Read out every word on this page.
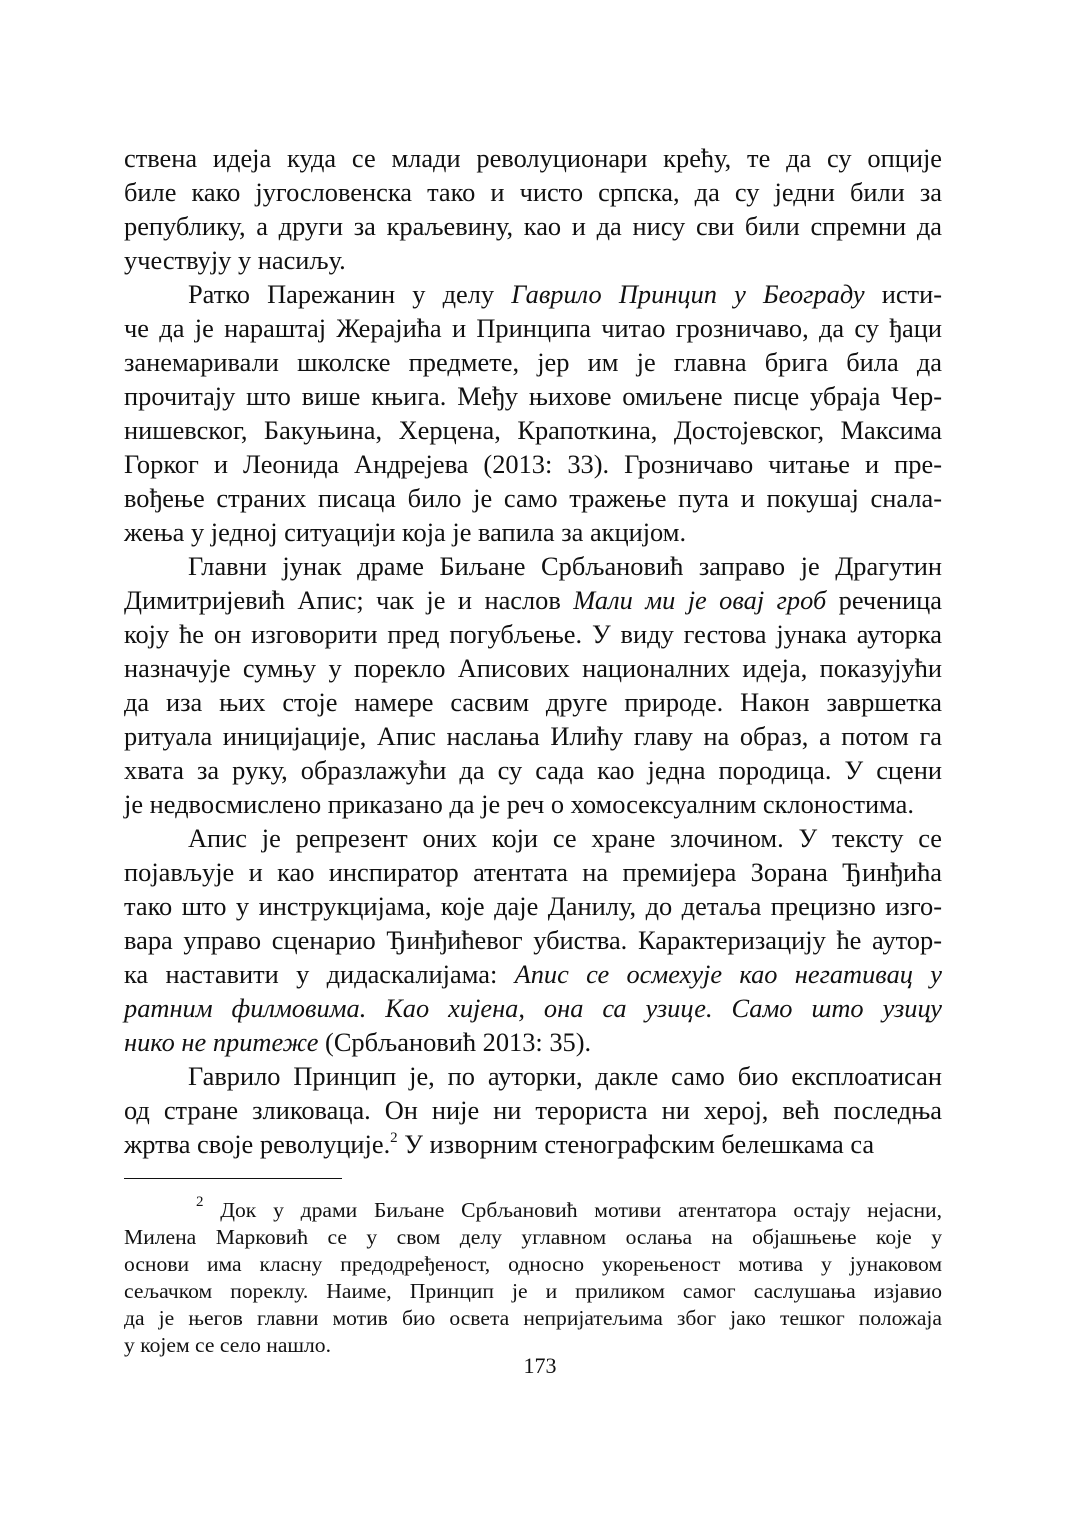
ствена идеја куда се млади револуционари крећу, те да су опције
биле како југословенска тако и чисто српска, да су једни били за
републику, а други за краљевину, као и да нису сви били спремни да
учествују у насиљу.
Ратко Парежанин у делу Гаврило Принцип у Београду исти-
че да је нараштај Жерајића и Принципа читао грозничаво, да су ђаци
занемаривали школске предмете, јер им је главна брига била да
прочитају што више књига. Међу њихове омиљене писце убраја Чер-
нишевског, Бакуњина, Херцена, Крапоткина, Достојевског, Максима
Горког и Леонида Андрејева (2013: 33). Грозничаво читање и пре-
вођење страних писаца било је само тражење пута и покушај снала-
жења у једној ситуацији која је вапила за акцијом.
Главни јунак драме Биљане Србљановић заправо је Драгутин
Димитријевић Апис; чак је и наслов Мали ми је овај гроб реченица
коју ће он изговорити пред погубљење. У виду гестова јунака ауторка
назначује сумњу у порекло Аписових националних идеја, показујући
да иза њих стоје намере сасвим друге природе. Након завршетка
ритуала иницијације, Апис наслања Илићу главу на образ, а потом га
хвата за руку, образлажући да су сада као једна породица. У сцени
је недвосмислено приказано да је реч о хомосексуалним склоностима.
Апис је репрезент оних који се хране злочином. У тексту се
појављује и као инспиратор атентата на премијера Зорана Ђинђића
тако што у инструкцијама, које даје Данилу, до детаља прецизно изго-
вара управо сценарио Ђинђићевог убиства. Карактеризацију ће аутор-
ка наставити у дидаскалијама: Апис се осмехује као негативац у
ратним филмовима. Као хијена, она са узице. Само што узицу
нико не притеже (Србљановић 2013: 35).
Гаврило Принцип је, по ауторки, дакле само био експлоатисан
од стране зликоваца. Он није ни терориста ни херој, већ последња
жртва своје револуције.$^2$ У изворним стенографским белешкама са
$^2$ Док у драми Биљане Србљановић мотиви атентатора остају нејасни,
Милена Марковић се у свом делу углавном ослања на објашњење које у
основи има класну предодређеност, односно укорењеност мотива у јунаковом
сељачком пореклу. Наиме, Принцип је и приликом самог саслушања изјавио
да је његов главни мотив био освета непријатељима због јако тешког положаја
у којем се село нашло.
173
